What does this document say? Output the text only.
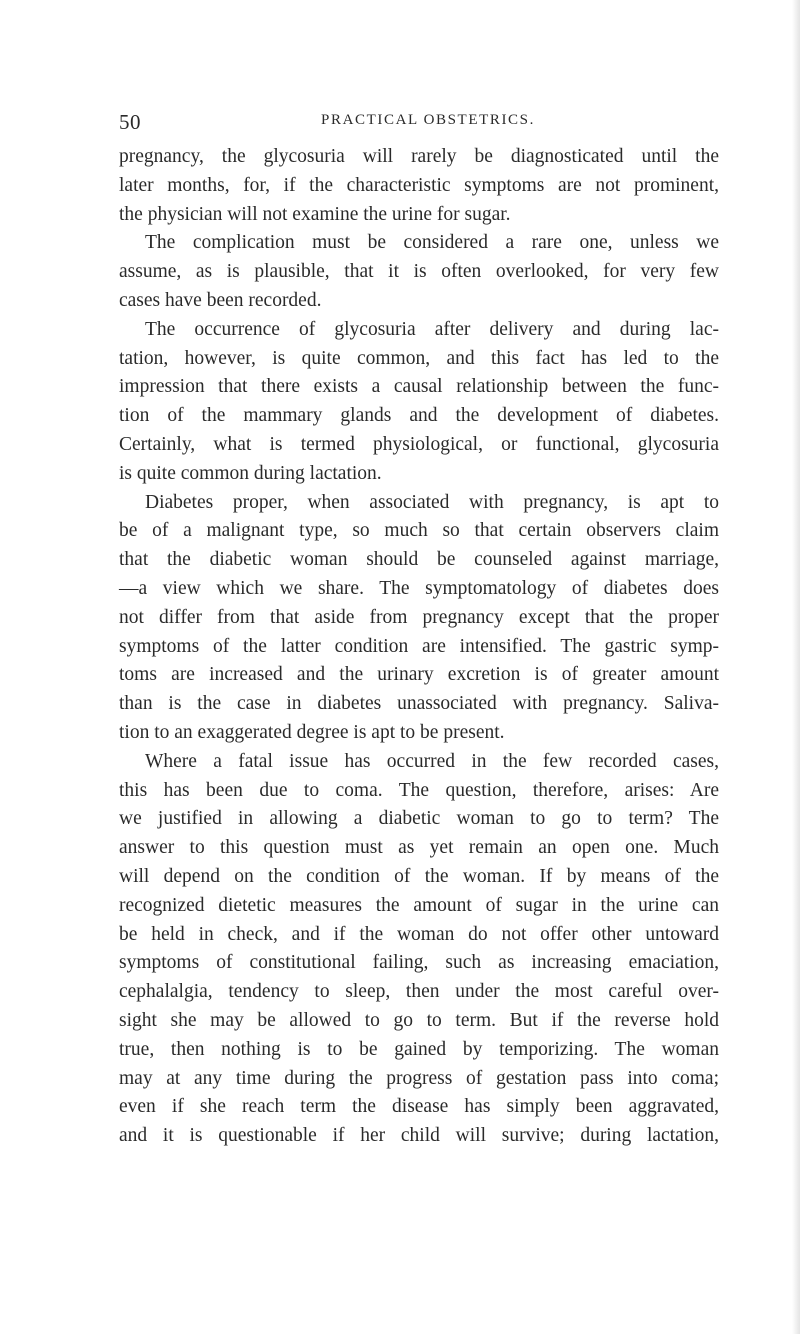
50	PRACTICAL OBSTETRICS.
pregnancy, the glycosuria will rarely be diagnosticated until the
later months, for, if the characteristic symptoms are not prominent,
the physician will not examine the urine for sugar.
The complication must be considered a rare one, unless we
assume, as is plausible, that it is often overlooked, for very few
cases have been recorded.
The occurrence of glycosuria after delivery and during lac-
tation, however, is quite common, and this fact has led to the
impression that there exists a causal relationship between the func-
tion of the mammary glands and the development of diabetes.
Certainly, what is termed physiological, or functional, glycosuria
is quite common during lactation.
Diabetes proper, when associated with pregnancy, is apt to
be of a malignant type, so much so that certain observers claim
that the diabetic woman should be counseled against marriage,
—a view which we share. The symptomatology of diabetes does
not differ from that aside from pregnancy except that the proper
symptoms of the latter condition are intensified. The gastric symp-
toms are increased and the urinary excretion is of greater amount
than is the case in diabetes unassociated with pregnancy. Saliva-
tion to an exaggerated degree is apt to be present.
Where a fatal issue has occurred in the few recorded cases,
this has been due to coma. The question, therefore, arises: Are
we justified in allowing a diabetic woman to go to term? The
answer to this question must as yet remain an open one. Much
will depend on the condition of the woman. If by means of the
recognized dietetic measures the amount of sugar in the urine can
be held in check, and if the woman do not offer other untoward
symptoms of constitutional failing, such as increasing emaciation,
cephalalgia, tendency to sleep, then under the most careful over-
sight she may be allowed to go to term. But if the reverse hold
true, then nothing is to be gained by temporizing. The woman
may at any time during the progress of gestation pass into coma;
even if she reach term the disease has simply been aggravated,
and it is questionable if her child will survive; during lactation,
